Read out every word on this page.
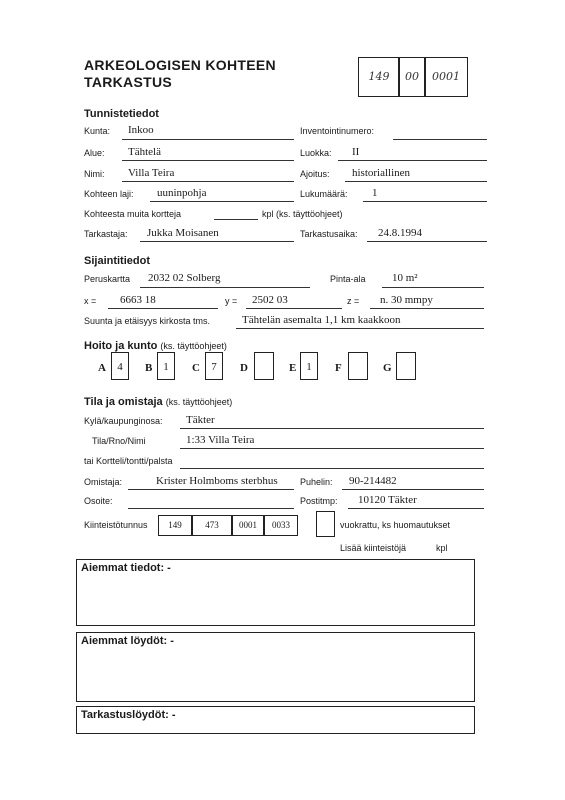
ARKEOLOGISEN KOHTEEN
TARKASTUS	149	00	0001
Tunnistetiedot
Kunta: Inkoo	Inventointinumero:
Alue: Tähtelä	Luokka: II
Nimi: Villa Teira	Ajoitus: historiallinen
Kohteen laji: uuninpohja	Lukumäärä: 1
Kohteesta muita kortteja	kpl (ks. täyttöohjeet)
Tarkastaja: Jukka Moisanen	Tarkastusaika: 24.8.1994
Sijaintitiedot
Peruskartta 2032 02 Solberg	Pinta-ala 10 m²
x = 6663 18	y = 2502 03	z = n. 30 mmpy
Suunta ja etäisyys kirkosta tms.	Tähtelän asemalta 1,1 km kaakkoon
Hoito ja kunto (ks. täyttöohjeet)
A	4	B 1	C	7	D	E 1	F	G
Tila ja omistaja (ks. täyttöohjeet)
Kylä/kaupunginosa: Täkter
Tila/Rno/Nimi	1:33 Villa Teira
tai Kortteli/tontti/palsta
Omistaja:	Krister Holmboms sterbhus Puhelin: 90-214482
Osoite:	Postitmp: 10120 Täkter
Kiinteistötunnus	149	473	0001	0033	vuokrattu, ks huomautukset
Lisää kiinteistöjä	kpl
Aiemmat tiedot: -
Aiemmat löydöt: -
Tarkastuslöydöt: -
